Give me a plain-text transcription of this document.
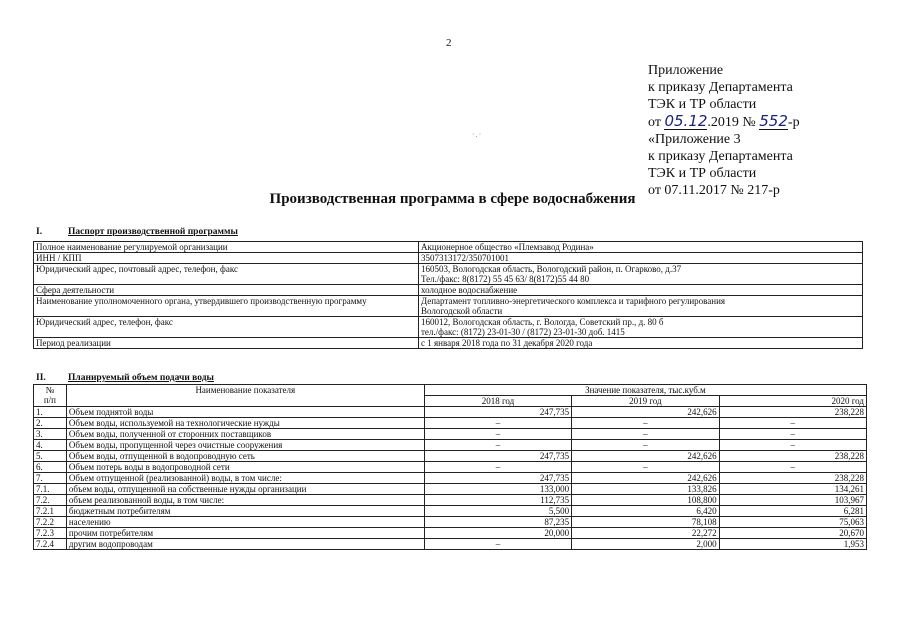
2
·.·
Приложение
к приказу Департамента
ТЭК и ТР области
от 05.12.2019 № 552-р
«Приложение 3
к приказу Департамента
ТЭК и ТР области
от 07.11.2017 № 217-р
Производственная программа в сфере водоснабжения
I.	Паспорт производственной программы
Полное наименование регулируемой организации	Акционерное общество «Племзавод Родина»

ИНН / КПП	3507313172/350701001

Юридический адрес, почтовый адрес, телефон, факс	160503, Вологодская область, Вологодский район, п. Огарково, д.37
Тел./факс: 8(8172) 55 45 63/ 8(8172)55 44 80

Сфера деятельности	холодное водоснабжение

Наименование уполномоченного органа, утвердившего производственную программу	Департамент топливно-энергетического комплекса и тарифного регулирования
Вологодской области

Юридический адрес, телефон, факс	160012, Вологодская область, г. Вологда, Советский пр., д. 80 б
тел./факс: (8172) 23-01-30 / (8172) 23-01-30 доб. 1415

Период реализации	с 1 января 2018 года по 31 декабря 2020 года
II. Планируемый объем подачи воды
№
п/п	Наименование показателя	Значение показателя, тыс.куб.м		
		2018 год	2019 год	2020 год
1.	Объем поднятой воды	247,735	242,626	238,228
2.	Объем воды, используемой на технологические нужды	–	–	–
3.	Объем воды, полученной от сторонних поставщиков	–	–	–
4.	Объем воды, пропущенной через очистные сооружения	–	–	–
5.	Объем воды, отпущенной в водопроводную сеть	247,735	242,626	238,228
6.	Объем потерь воды в водопроводной сети	–	–	–
7.	Объем отпущенной (реализованной) воды, в том числе:	247,735	242,626	238,228
7.1.	объем воды, отпущенной на собственные нужды организации	133,000	133,826	134,261
7.2.	объем реализованной воды, в том числе:	112,735	108,800	103,967
7.2.1	бюджетным потребителям	5,500	6,420	6,281
7.2.2	населению	87,235	78,108	75,063
7.2.3	прочим потребителям	20,000	22,272	20,670
7.2.4	другим водопроводам	–	2,000	1,953
